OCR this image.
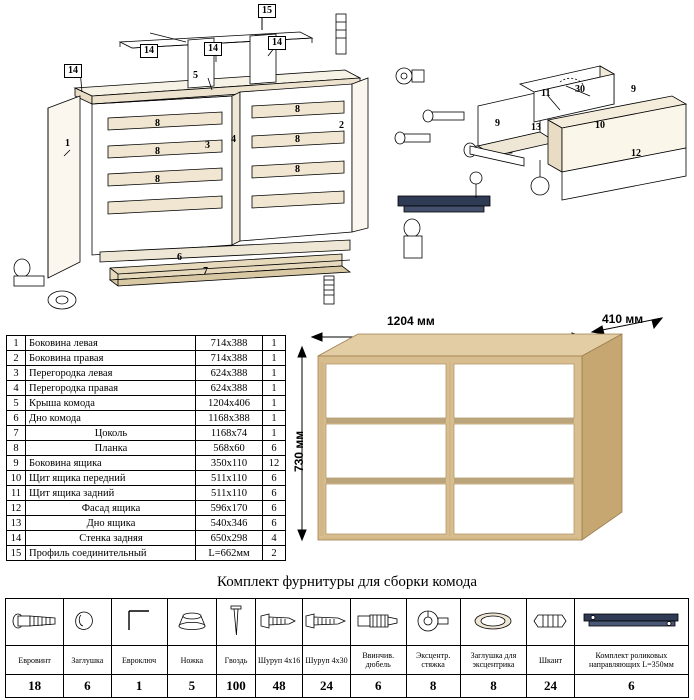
15
14	14
14
14	5
8
8
8
8
8
8
3
4
2
1
6
7
9
9
11	30
13	10
12
1	Боковина левая	714х388	1
2	Боковина правая	714х388	1
3	Перегородка левая	624х388	1
4	Перегородка правая	624х388	1
5	Крыша комода	1204х406	1
6	Дно комода	1168х388	1
7	Цоколь	1168х74	1
8	Планка	568х60	6
9	Боковина ящика	350х110	12
10	Щит ящика передний	511х110	6
11	Щит ящика задний	511х110	6
12	Фасад ящика	596х170	6
13	Дно ящика	540х346	6
14	Стенка задняя	650х298	4
15	Профиль соединительный	L=662мм	2
1204 мм	410 мм
730 мм
Комплект фурнитуры для сборки комода

Евровинт	Заглушка	Евроключ	Ножка	Гвоздь	Шуруп 4х16	Шуруп 4х30	Ввинчив. дюбель	Эксцентр. стяжка	Заглушка для эксцентрика	Шкант	Комплект роликовых направляющих L=350мм
18	6	1	5	100	48	24	6	8	8	24	6
